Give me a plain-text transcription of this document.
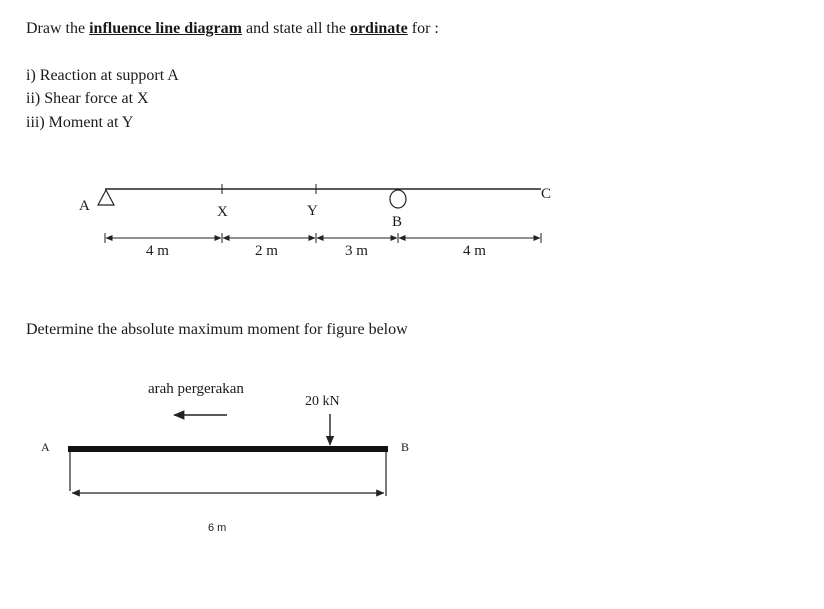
Draw the influence line diagram and state all the ordinate for :
i) Reaction at support A
ii) Shear force at X
iii) Moment at Y
A	X	Y
B
C
4 m	2 m	3 m	4 m
Determine the absolute maximum moment for figure below
arah pergerakan
20 kN
A	B
6 m
